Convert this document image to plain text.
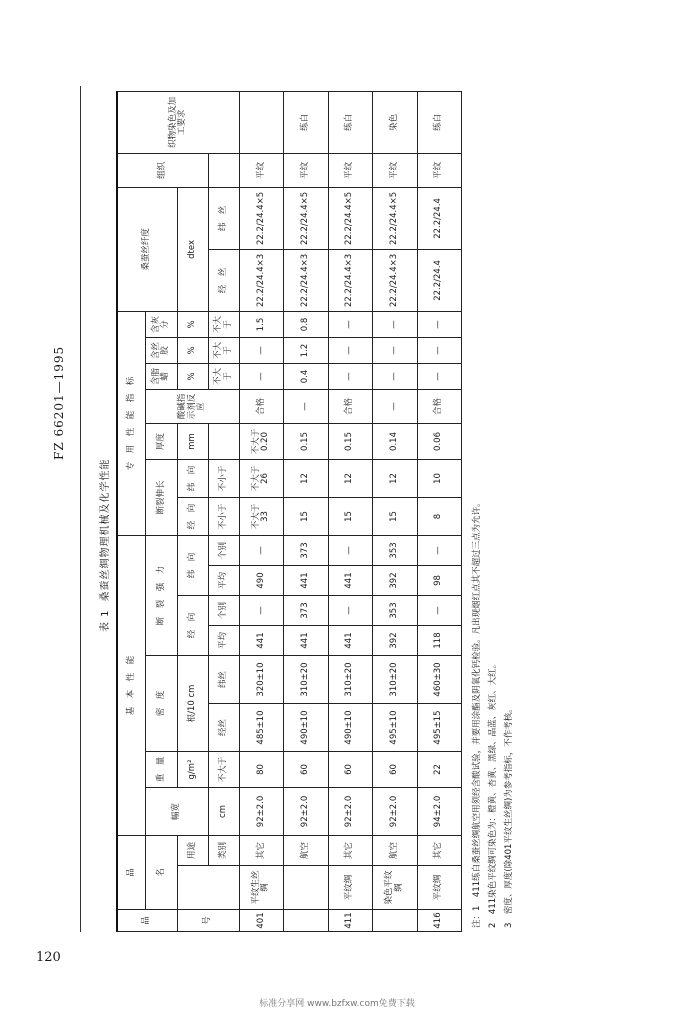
120
FZ 66201—1995
表 1桑蚕丝绸物理机械及化学性能
品	品		基　本　性　能								专　用　性　能　指　标							桑蚕丝纤度		组织	织物染色及加工要求
	名		幅宽	重　量	密　度		断　裂　强　力				断裂伸长		厚度	酸碱指示剂反应	含脂蜡	含丝胶	含灰分				
号		用途		g/m²	根/10 cm		经　向		纬　向		经　向	纬　向	mm		%	%	%	dtex			
		类别	cm	不大于	经丝	纬丝	平均	个别	平均	个别	不小于	不小于			不大于	不大于	不大于	经　丝	纬　丝		
401	平纹生丝绸	其它	92±2.0	80	485±10	320±10	441	—	490	—	不大于33	不大于26	不大于0.20	合格	—	—	1.5	22.2/24.4×3	22.2/24.4×5	平纹	
		航空	92±2.0	60	490±10	310±20	441	373	441	373	15	12	0.15	—	0.4	1.2	0.8	22.2/24.4×3	22.2/24.4×5	平纹	练白
411	平纹绸	其它	92±2.0	60	490±10	310±20	441	—	441	—	15	12	0.15	合格	—	—	—	22.2/24.4×3	22.2/24.4×5	平纹	练白
	染色平纹绸	航空	92±2.0	60	495±10	310±20	392	353	392	353	15	12	0.14	—	—	—	—	22.2/24.4×3	22.2/24.4×5	平纹	染色
416	平纹绸	其它	94±2.0	22	495±15	460±30	118	—	98	—	8	10	0.06	合格	—	—	—	22.2/24.4	22.2/24.4	平纹	练白
注：1　411练白桑蚕丝绸航空用须经含酸试验，并要用涂酯及阴氧化钙检验。凡出现烟红点其不超过三点为允许。 2　411染色平纹绸可染色为：橙黄、杏黄、黑绿、品蓝、灰红、大红。 3　密度、厚度(除401平纹生丝绸)为参考指标，不作考核。
标准分享网 www.bzfxw.com免费下载
